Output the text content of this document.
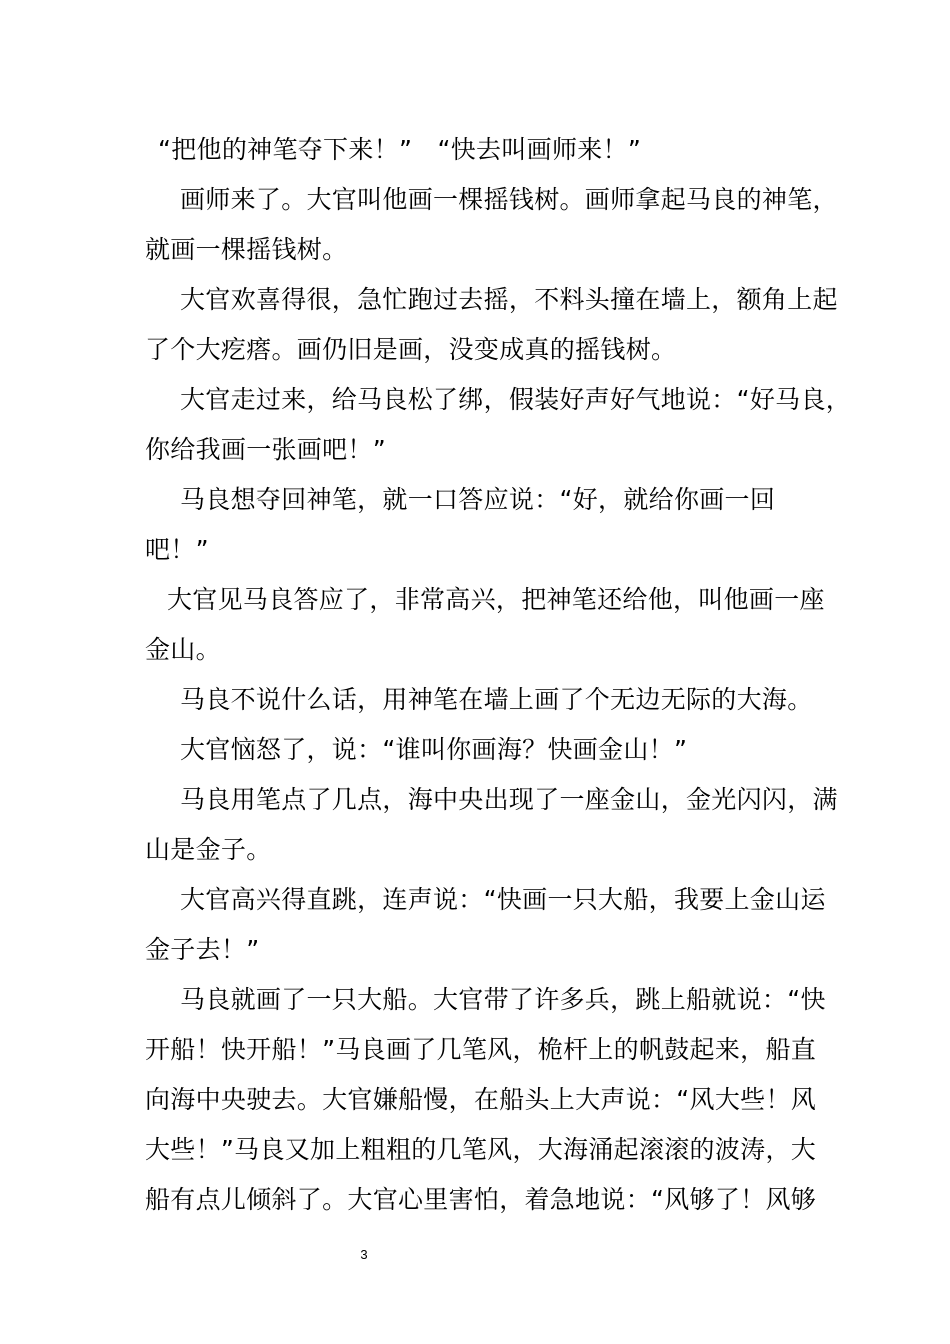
“把他的神笔夺下来！”　“快去叫画师来！”
画师来了。大官叫他画一棵摇钱树。画师拿起马良的神笔，
就画一棵摇钱树。
大官欢喜得很，急忙跑过去摇，不料头撞在墙上，额角上起
了个大疙瘩。画仍旧是画，没变成真的摇钱树。
大官走过来，给马良松了绑，假装好声好气地说：“好马良，
你给我画一张画吧！”
马良想夺回神笔，就一口答应说：“好，就给你画一回
吧！”
大官见马良答应了，非常高兴，把神笔还给他，叫他画一座
金山。
马良不说什么话，用神笔在墙上画了个无边无际的大海。
大官恼怒了，说：“谁叫你画海？快画金山！”
马良用笔点了几点，海中央出现了一座金山，金光闪闪，满
山是金子。
大官高兴得直跳，连声说：“快画一只大船，我要上金山运
金子去！”
马良就画了一只大船。大官带了许多兵，跳上船就说：“快
开船！快开船！”马良画了几笔风，桅杆上的帆鼓起来，船直
向海中央驶去。大官嫌船慢，在船头上大声说：“风大些！风
大些！”马良又加上粗粗的几笔风，大海涌起滚滚的波涛，大
船有点儿倾斜了。大官心里害怕，着急地说：“风够了！风够
3
